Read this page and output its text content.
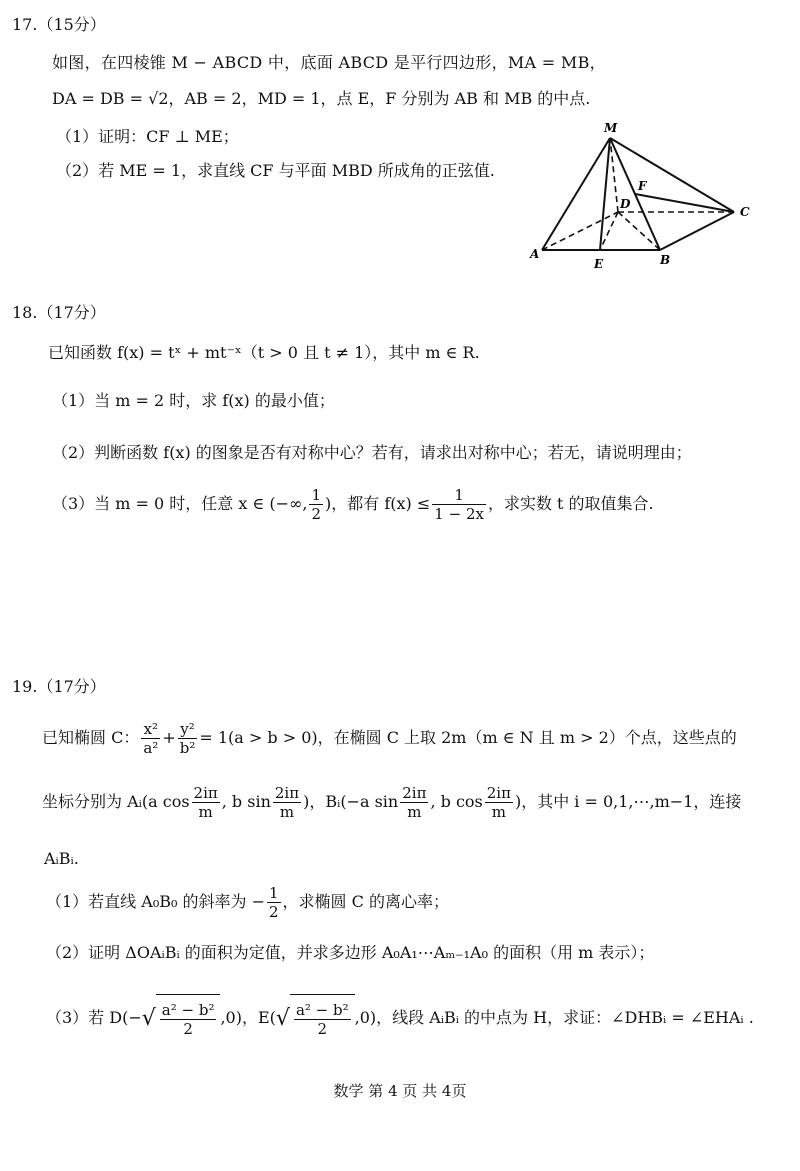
17.（15分）
如图，在四棱锥 M − ABCD 中，底面 ABCD 是平行四边形，MA = MB，
DA = DB = √2，AB = 2，MD = 1，点 E，F 分别为 AB 和 MB 的中点.
（1）证明：CF ⊥ ME；
（2）若 ME = 1，求直线 CF 与平面 MBD 所成角的正弦值.
M
A	B
C
D
E
F
18.（17分）
已知函数 f(x) = tˣ + mt⁻ˣ（t > 0 且 t ≠ 1），其中 m ∈ R.
（1）当 m = 2 时，求 f(x) 的最小值；
（2）判断函数 f(x) 的图象是否有对称中心？若有，请求出对称中心；若无，请说明理由；
（3）当 m = 0 时，任意 x ∈ (−∞, $\frac{1}{2}$ )，都有 $f(x) \le \frac{1}{1 - 2x}$ ，求实数 t 的取值集合.
19.（17分）
已知椭圆 C： $\frac{\text{x²}}{\text{a²}} + \frac{\text{y²}}{\text{b²}} = 1(a > b > 0)$，在椭圆 C 上取 2m（m ∈ N 且 m > 2）个点，这些点的
坐标分别为 Aᵢ(a $\cos \frac{2i\pi}{m}$ , b $\sin \frac{2i\pi}{m}$ )，Bᵢ(−a $\sin \frac{2i\pi}{m}$ , b $\cos \frac{2i\pi}{m}$ )，其中 i = 0,1,⋯,m−1，连接
AᵢBᵢ.
（1）若直线 A₀B₀ 的斜率为 − $\frac{1}{2}$ ，求椭圆 C 的离心率；
（2）证明 ΔOAᵢBᵢ 的面积为定值，并求多边形 A₀A₁⋯Aₘ₋₁A₀ 的面积（用 m 表示）；
（3）若 $D(-√ \frac{\text{a² − b²}}{2} ,0)$，$E(√ \frac{\text{a² − b²}}{2} ,0)$，线段 AᵢBᵢ 的中点为 H，求证：∠DHBᵢ = ∠EHAᵢ .
数学 第 4 页 共 4页
